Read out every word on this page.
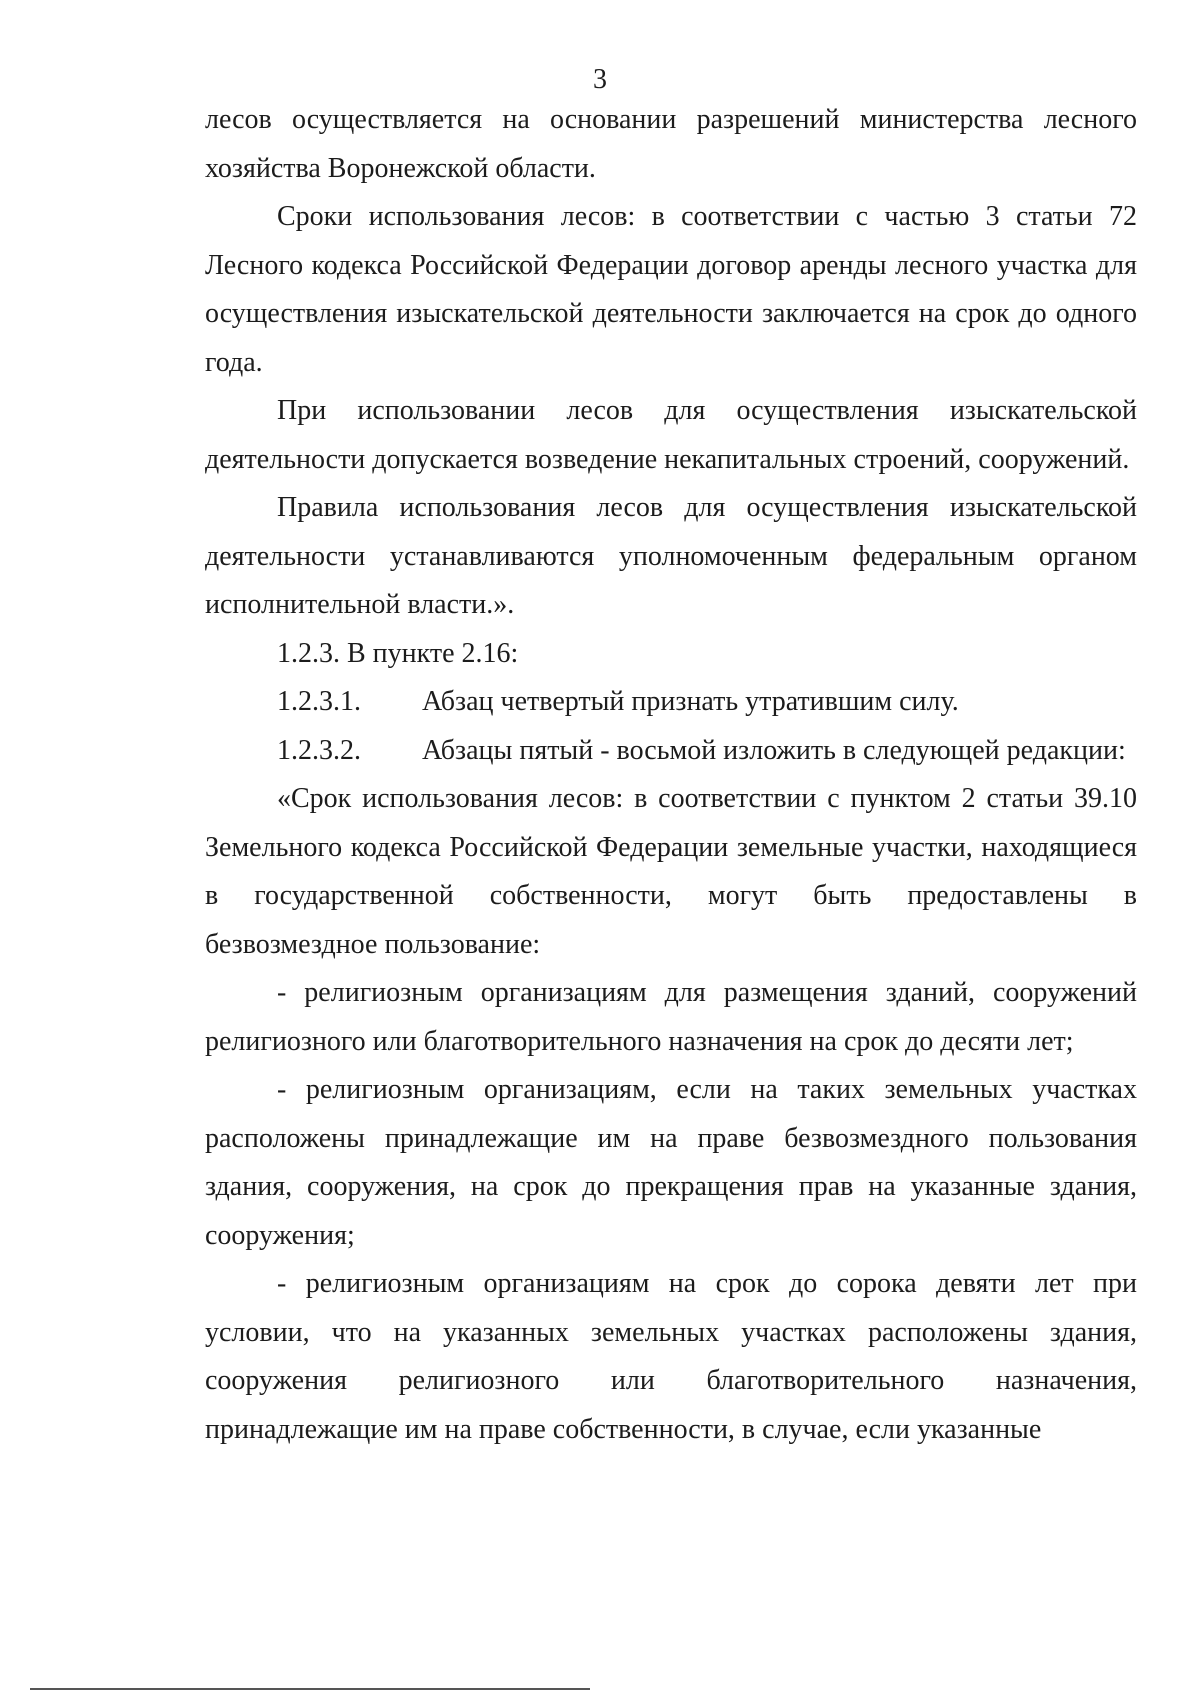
3

лесов осуществляется на основании разрешений министерства лесного хозяйства Воронежской области.

Сроки использования лесов: в соответствии с частью 3 статьи 72 Лесного кодекса Российской Федерации договор аренды лесного участка для осуществления изыскательской деятельности заключается на срок до одного года.

При использовании лесов для осуществления изыскательской деятельности допускается возведение некапитальных строений, сооружений.

Правила использования лесов для осуществления изыскательской деятельности устанавливаются уполномоченным федеральным органом исполнительной власти.».

1.2.3. В пункте 2.16:

1.2.3.1. Абзац четвертый признать утратившим силу.

1.2.3.2. Абзацы пятый - восьмой изложить в следующей редакции:

«Срок использования лесов: в соответствии с пунктом 2 статьи 39.10 Земельного кодекса Российской Федерации земельные участки, находящиеся в государственной собственности, могут быть предоставлены в безвозмездное пользование:

- религиозным организациям для размещения зданий, сооружений религиозного или благотворительного назначения на срок до десяти лет;

- религиозным организациям, если на таких земельных участках расположены принадлежащие им на праве безвозмездного пользования здания, сооружения, на срок до прекращения прав на указанные здания, сооружения;

- религиозным организациям на срок до сорока девяти лет при условии, что на указанных земельных участках расположены здания, сооружения религиозного или благотворительного назначения, принадлежащие им на праве собственности, в случае, если указанные
